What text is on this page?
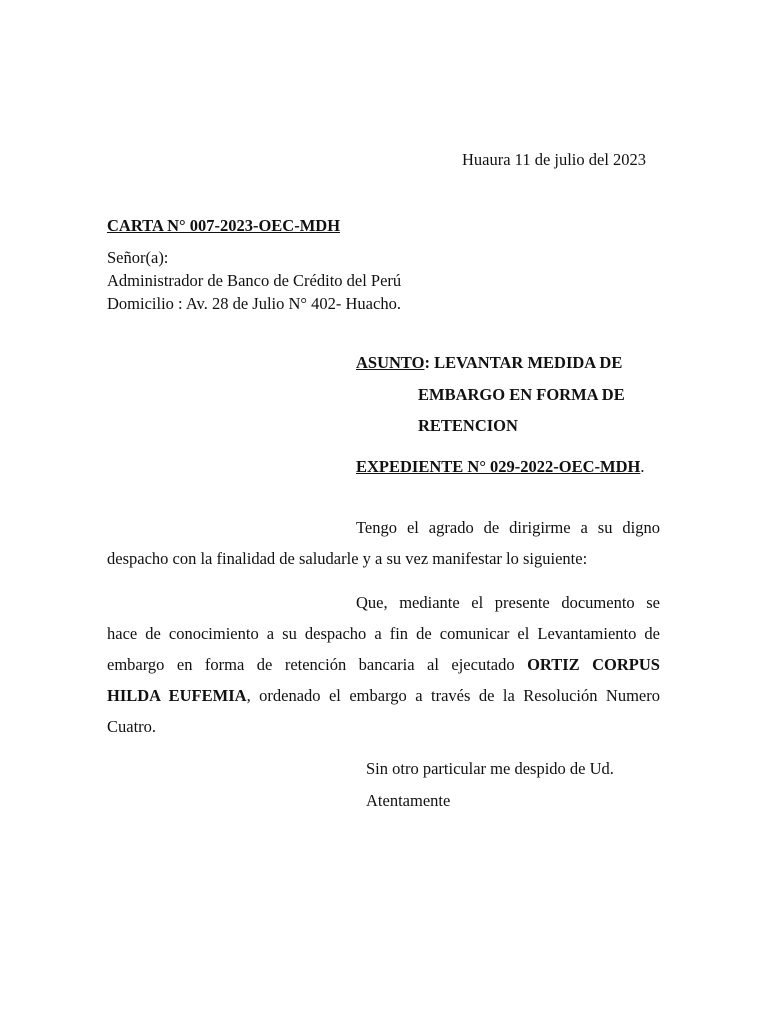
Huaura 11 de julio del 2023
CARTA N° 007-2023-OEC-MDH
Señor(a):
Administrador de Banco de Crédito del Perú
Domicilio : Av. 28 de Julio N° 402- Huacho.
ASUNTO: LEVANTAR MEDIDA DE
EMBARGO EN FORMA DE
RETENCION
EXPEDIENTE N° 029-2022-OEC-MDH.
Tengo el agrado de dirigirme a su digno
despacho con la finalidad de saludarle y a su vez manifestar lo siguiente:
Que, mediante el presente documento se
hace de conocimiento a su despacho a fin de comunicar el Levantamiento de
embargo en forma de retención bancaria al ejecutado ORTIZ CORPUS
HILDA EUFEMIA, ordenado el embargo a través de la Resolución Numero
Cuatro.
Sin otro particular me despido de Ud.
Atentamente
